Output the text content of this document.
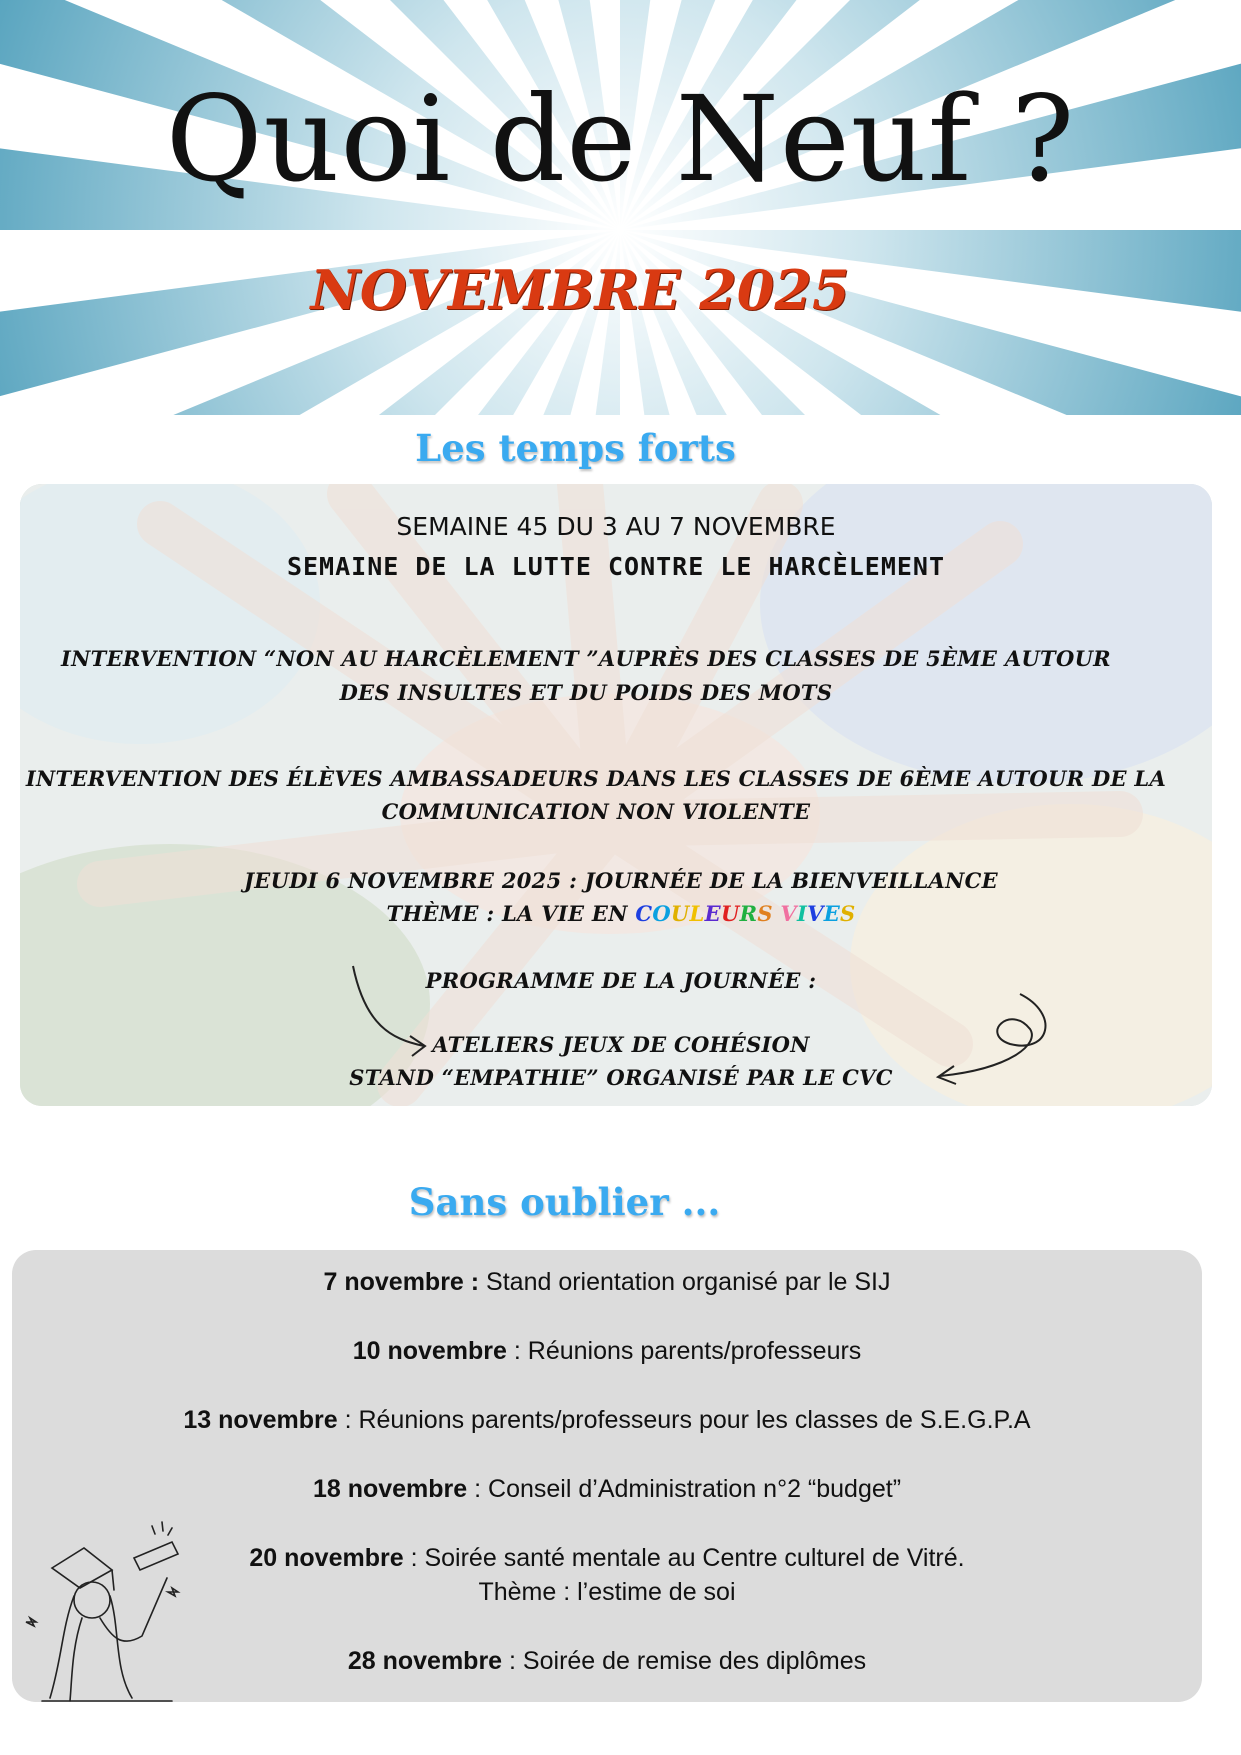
Quoi de Neuf ?
NOVEMBRE 2025
Les temps forts

SEMAINE 45 DU 3 AU 7 NOVEMBRE

SEMAINE DE LA LUTTE CONTRE LE HARCÈLEMENT

INTERVENTION “NON AU HARCÈLEMENT ”AUPRÈS DES CLASSES DE 5ÈME AUTOUR

DES INSULTES ET DU POIDS DES MOTS

INTERVENTION DES ÉLÈVES AMBASSADEURS DANS LES CLASSES DE 6ÈME AUTOUR DE LA

COMMUNICATION NON VIOLENTE

JEUDI 6 NOVEMBRE 2025 : JOURNÉE DE LA BIENVEILLANCE

THÈME : LA VIE EN COULEURS VIVES

PROGRAMME DE LA JOURNÉE :

ATELIERS JEUX DE COHÉSION

STAND “EMPATHIE” ORGANISÉ PAR LE CVC

Sans oublier ...

7 novembre : Stand orientation organisé par le SIJ

10 novembre : Réunions parents/professeurs

13 novembre : Réunions parents/professeurs pour les classes de S.E.G.P.A

18 novembre : Conseil d’Administration n°2 “budget”

20 novembre : Soirée santé mentale au Centre culturel de Vitré.

Thème : l’estime de soi

28 novembre : Soirée de remise des diplômes
